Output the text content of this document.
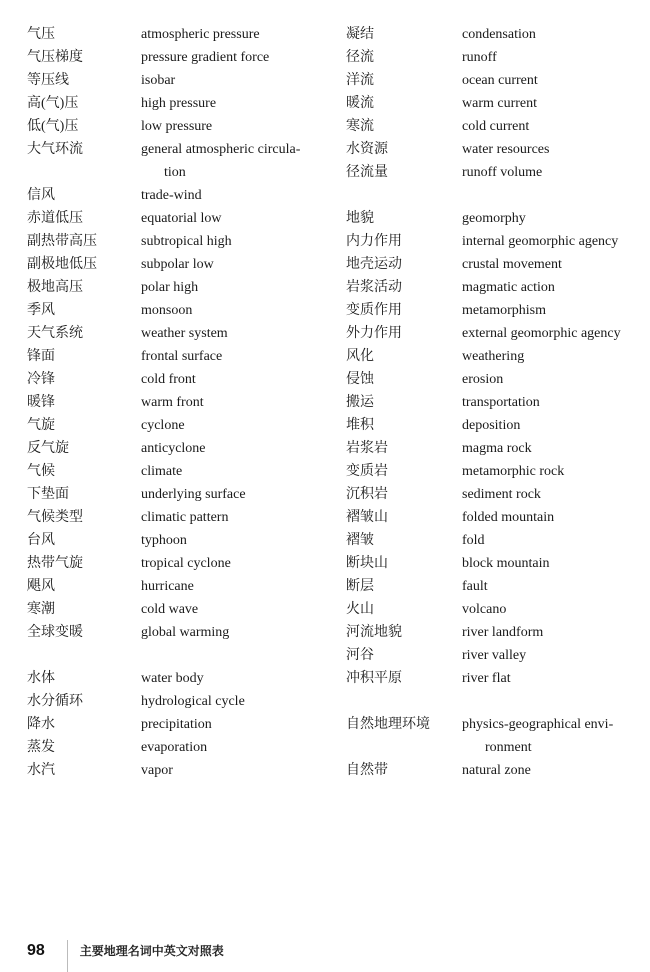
气压	atmospheric pressure
气压梯度	pressure gradient force
等压线	isobar
高(气)压	high pressure
低(气)压	low pressure
大气环流	general atmospheric circula-
tion
信风	trade-wind
赤道低压	equatorial low
副热带高压	subtropical high
副极地低压	subpolar low
极地高压	polar high
季风	monsoon
天气系统	weather system
锋面	frontal surface
冷锋	cold front
暖锋	warm front
气旋	cyclone
反气旋	anticyclone
气候	climate
下垫面	underlying surface
气候类型	climatic pattern
台风	typhoon
热带气旋	tropical cyclone
飓风	hurricane
寒潮	cold wave
全球变暖	global warming
水体	water body
水分循环	hydrological cycle
降水	precipitation
蒸发	evaporation
水汽	vapor
凝结	condensation
径流	runoff
洋流	ocean current
暖流	warm current
寒流	cold current
水资源	water resources
径流量	runoff volume
地貌	geomorphy
内力作用	internal geomorphic agency
地壳运动	crustal movement
岩浆活动	magmatic action
变质作用	metamorphism
外力作用	external geomorphic agency
风化	weathering
侵蚀	erosion
搬运	transportation
堆积	deposition
岩浆岩	magma rock
变质岩	metamorphic rock
沉积岩	sediment rock
褶皱山	folded mountain
褶皱	fold
断块山	block mountain
断层	fault
火山	volcano
河流地貌	river landform
河谷	river valley
冲积平原	river flat
自然地理环境	physics-geographical envi-
ronment
自然带	natural zone
98	主要地理名词中英文对照表
